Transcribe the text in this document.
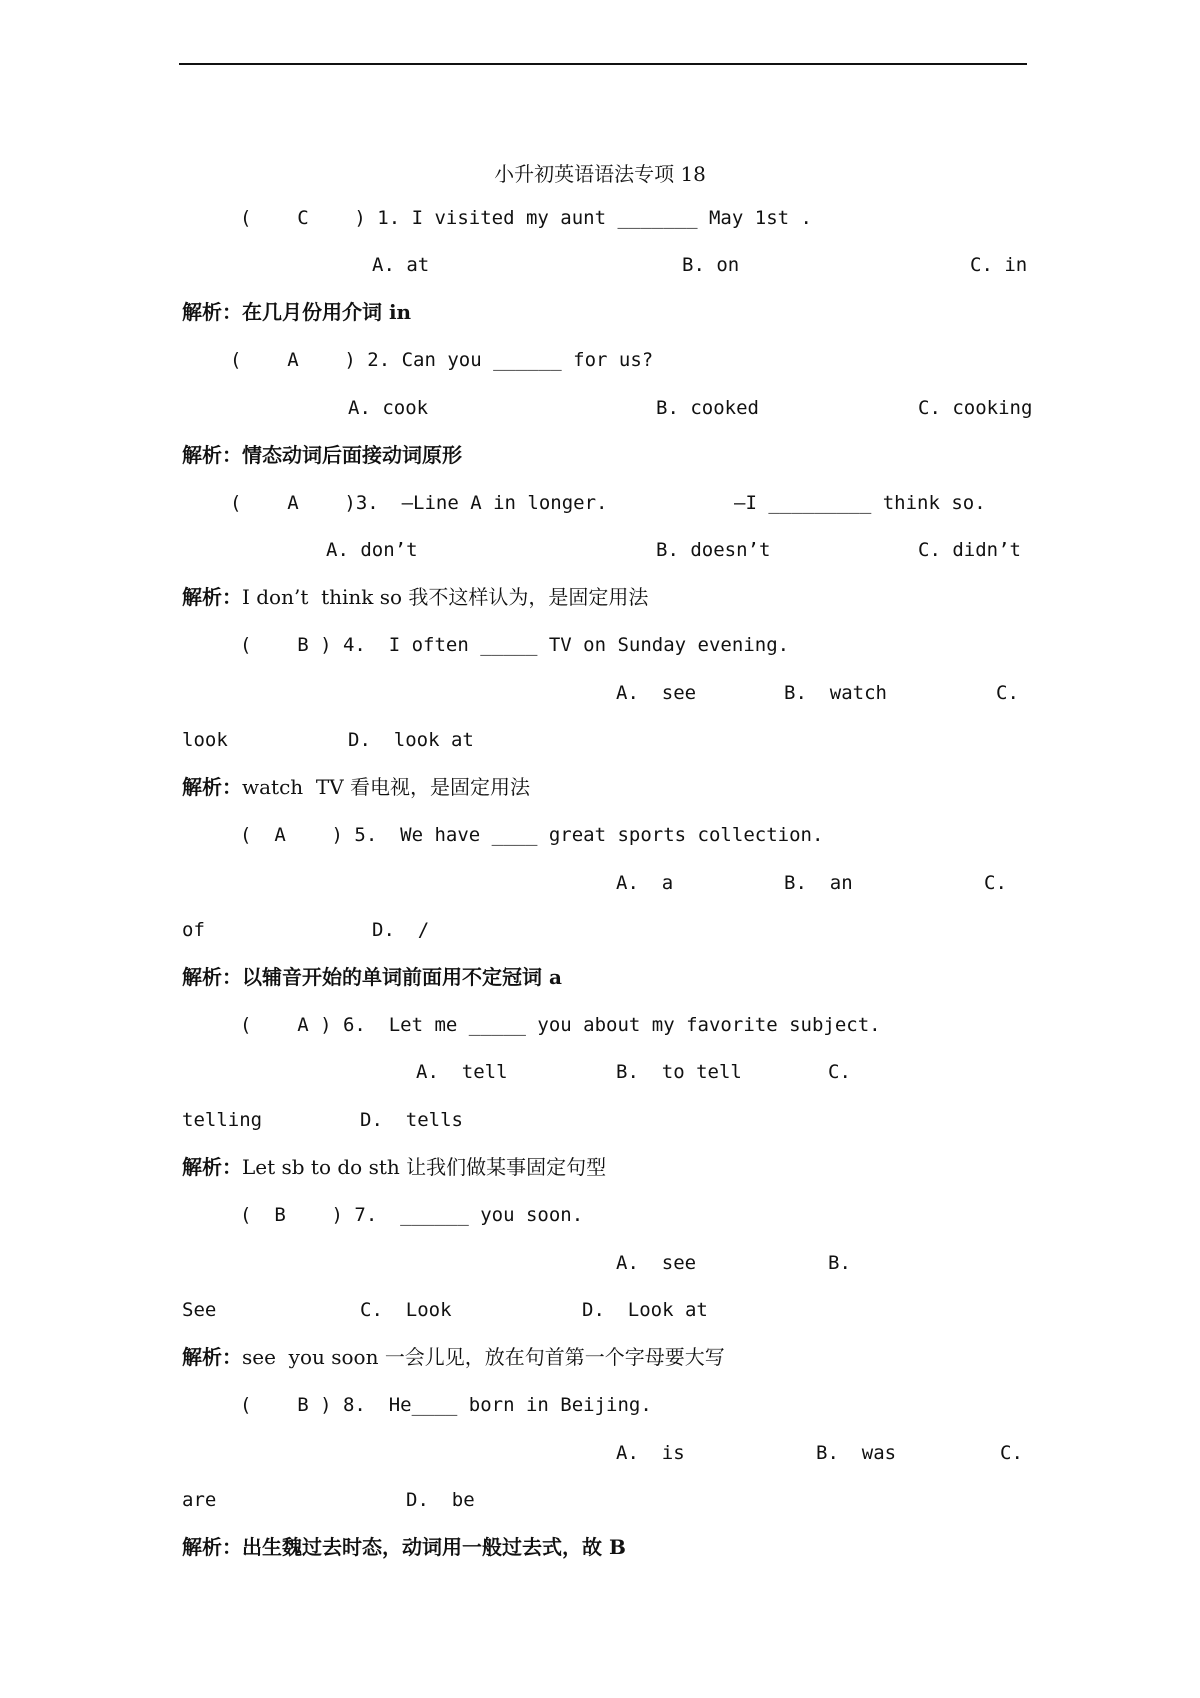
小升初英语语法专项 18
(    C    ) 1. I visited my aunt _______ May 1st .
A. at	B. on	C. in
解析：在几月份用介词 in
(    A    ) 2. Can you ______ for us?
A. cook	B. cooked	C. cooking
解析：情态动词后面接动词原形
(    A    )3.  –Line A in longer.	–I _________ think so.
A. don’t	B. doesn’t	C. didn’t
解析：I don’t  think so 我不这样认为，是固定用法
(    B ) 4.  I often _____ TV on Sunday evening.
A.  see	B.  watch	C.
look	D.  look at
解析：watch  TV 看电视，是固定用法
(  A    ) 5.  We have ____ great sports collection.
A.  a	B.  an	C.
of	D.  /
解析：以辅音开始的单词前面用不定冠词 a
(    A ) 6.  Let me _____ you about my favorite subject.
A.  tell	B.  to tell	C.
telling	D.  tells
解析：Let sb to do sth 让我们做某事固定句型
(  B    ) 7.  ______ you soon.
A.  see	B.
See	C.  Look	D.  Look at
解析：see  you soon 一会儿见，放在句首第一个字母要大写
(    B ) 8.  He____ born in Beijing.
A.  is	B.  was	C.
are	D.  be
解析：出生魏过去时态，动词用一般过去式，故 B
